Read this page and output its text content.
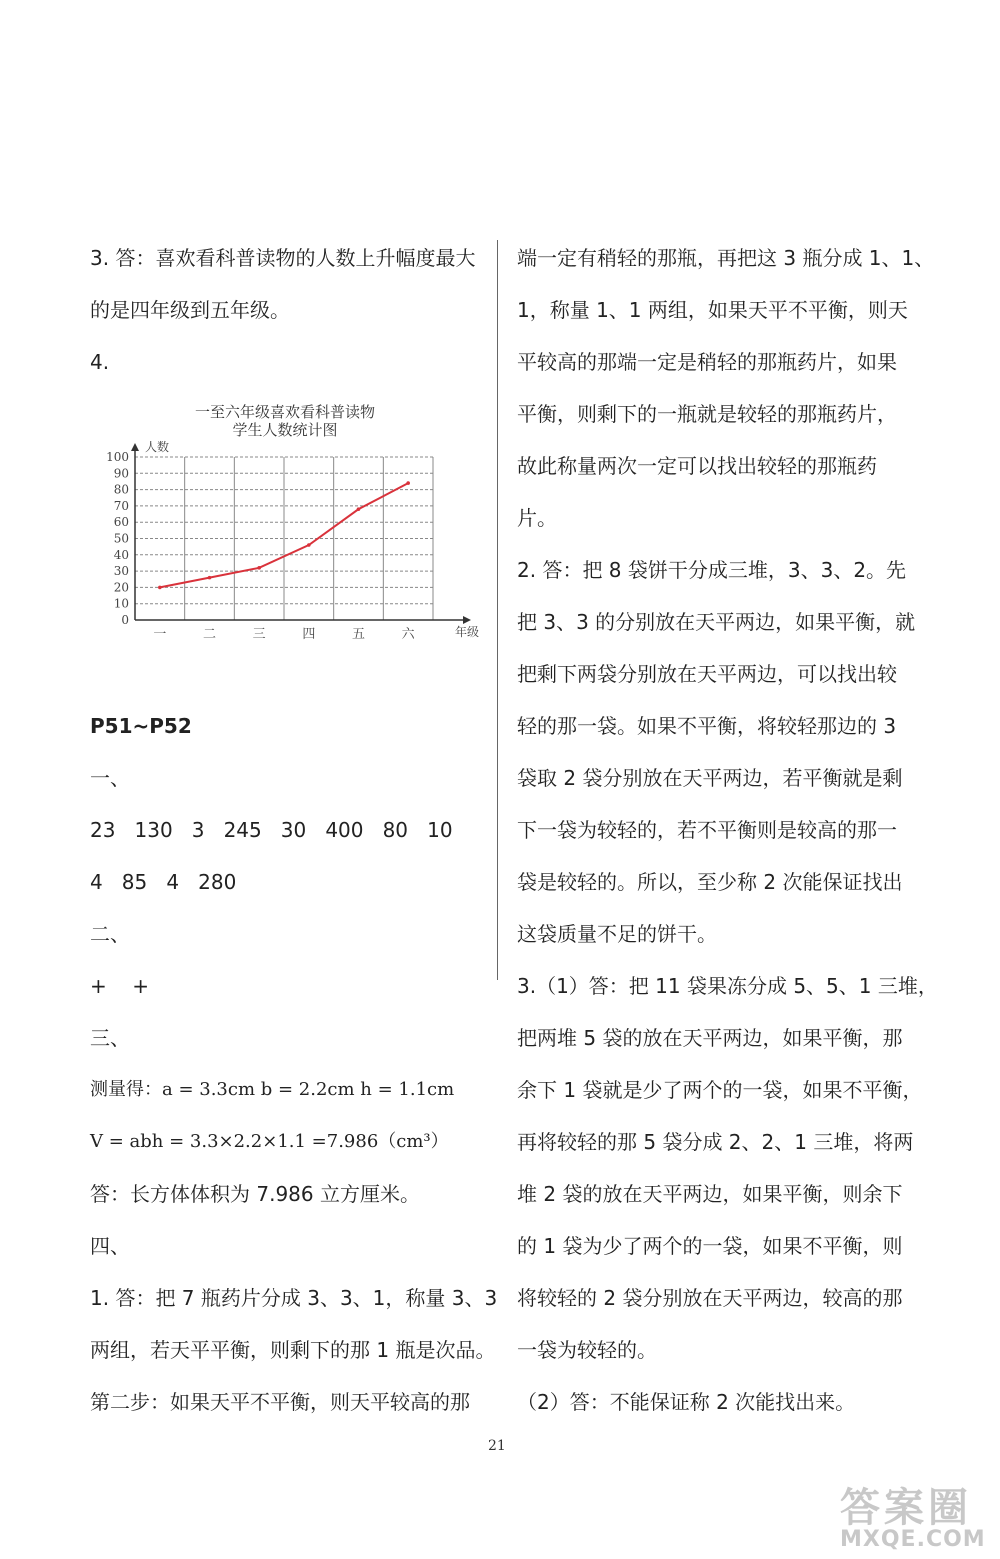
3. 答：喜欢看科普读物的人数上升幅度最大
的是四年级到五年级。
4.
P51~P52
一、
23   130   3   245   30   400   80   10
4   85   4   280
二、
+    +
三、
测量得：a = 3.3cm b = 2.2cm h = 1.1cm
V = abh = 3.3×2.2×1.1 =7.986（cm³）
答：长方体体积为 7.986 立方厘米。
四、
1. 答：把 7 瓶药片分成 3、3、1，称量 3、3
两组，若天平平衡，则剩下的那 1 瓶是次品。
第二步：如果天平不平衡，则天平较高的那
一至六年级喜欢看科普读物
学生人数统计图
0
10
20
30
40
50
60
70
80
90
100
人数
年级
一	二	三	四	五	六
端一定有稍轻的那瓶，再把这 3 瓶分成 1、1、
1，称量 1、1 两组，如果天平不平衡，则天
平较高的那端一定是稍轻的那瓶药片，如果
平衡，则剩下的一瓶就是较轻的那瓶药片，
故此称量两次一定可以找出较轻的那瓶药
片。
2. 答：把 8 袋饼干分成三堆，3、3、2。先
把 3、3 的分别放在天平两边，如果平衡，就
把剩下两袋分别放在天平两边，可以找出较
轻的那一袋。如果不平衡，将较轻那边的 3
袋取 2 袋分别放在天平两边，若平衡就是剩
下一袋为较轻的，若不平衡则是较高的那一
袋是较轻的。所以，至少称 2 次能保证找出
这袋质量不足的饼干。
3.（1）答：把 11 袋果冻分成 5、5、1 三堆，
把两堆 5 袋的放在天平两边，如果平衡，那
余下 1 袋就是少了两个的一袋，如果不平衡，
再将较轻的那 5 袋分成 2、2、1 三堆，将两
堆 2 袋的放在天平两边，如果平衡，则余下
的 1 袋为少了两个的一袋，如果不平衡，则
将较轻的 2 袋分别放在天平两边，较高的那
一袋为较轻的。
（2）答：不能保证称 2 次能找出来。
21
答案圈
MXQE.COM
